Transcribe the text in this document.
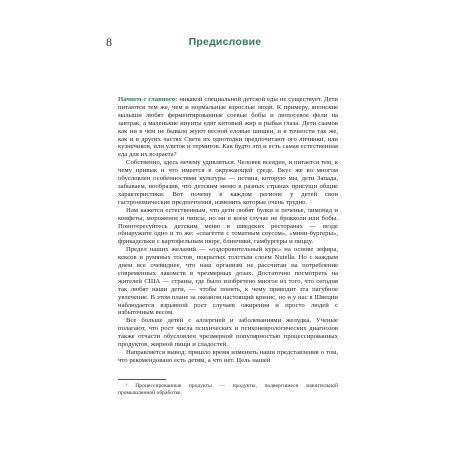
8	Предисловие

Начнем с главного: никакой специальной детской еды не существует. Дети питаются тем же, чем и нормальные взрослые люди. К примеру, японские малыши любят ферментированные соевые бобы и люпосевое фели на завтрак, а маленькие инуиты едят китовый жир и рыбьи глаза. Дети саамов как ни в чем не бывало жуют весной еловые шишки, и в точности так же, как и в других частях Света их однотодки предпочитают ого личинки, или кузнечиков, или улиток и термитов. Как будто это и есть самая естественная еда для их возраста?

Собственно, здесь нечему удивляться. Человек всеяден, и питается тем, к чему привык и что имеется в окружающей среде. Вкус же во многом обусловлен особенностями культуры — истина, которую мы, дети Запада, забываем, вообразив, что детским меню в разных странах присущи общие характеристики. Вот почему в каждом регионе у детей свои гастрономические предпочтения, изменить которые очень трудно.

Нам кажется естественным, что дети любят булки и печенье, лимонад и конфеты, мороженое и чипсы, но ни в коем случае не брокколи или бобы. Поинтересуйтесь детским меню в шведских ресторанах — везде обнаружите одно и то же: «спагетти с томатным соусом», «мини-бургеры», фрикадельки с картофельным пюре, блинчики, гамбургеры и пиццу.

Предел наших желаний — «оздоровительный курс» на основе зефира, кексов и румяных тостов, покрытых толстым слоем Nutella. Но с каждым днем все очевиднее, что наш организм не рассчитан на потребление современных лакомств в чрезмерных дозах. Достаточно посмотреть на жителей США — страны, где было изобретено многое из того, что сегодня так любят наши дети, — чтобы понять, к чему приводит эта пагубное увлечение. В этом плане за океаном настоящий кризис, но и у нас в Швеции наблюдается взрывной рост случаев ожирения и просто людей с избыточным весом.

Все больше детей с аллергией и заболеваниями желудка. Ученые полагают, что рост числа психических и психоневрологических диагнозов также отчасти обусловлен чрезмерной популярностью процессированных продуктов, жирной пищи и сладостей.

Направляется вывод: пришло время изменить наши представления о том, что рекомендовано есть детям, а что нет. Цель нашей

¹ Процессированные продукты — продукты, подвергшиеся значительной промышленной обработке.
